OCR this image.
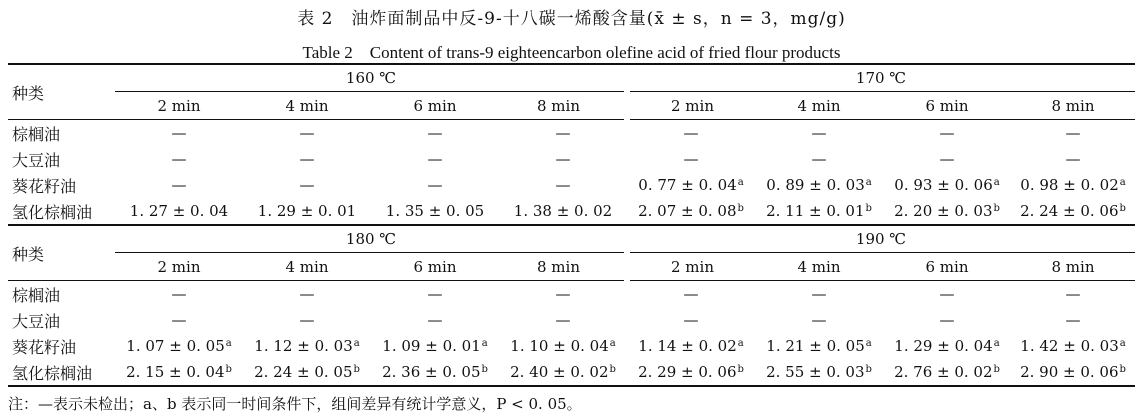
表 2　油炸面制品中反-9-十八碳一烯酸含量(x̄ ± s，n = 3，mg/g)
Table 2　Content of trans-9 eighteencarbon olefine acid of fried flour products
种类	160 ℃				170 ℃			
	2 min	4 min	6 min	8 min	2 min	4 min	6 min	8 min
棕榈油	—	—	—	—	—	—	—	—
大豆油	—	—	—	—	—	—	—	—
葵花籽油	—	—	—	—	0. 77 ± 0. 04$^a$	0. 89 ± 0. 03$^a$	0. 93 ± 0. 06$^a$	0. 98 ± 0. 02$^a$
氢化棕榈油	1. 27 ± 0. 04	1. 29 ± 0. 01	1. 35 ± 0. 05	1. 38 ± 0. 02	2. 07 ± 0. 08$^b$	2. 11 ± 0. 01$^b$	2. 20 ± 0. 03$^b$	2. 24 ± 0. 06$^b$
种类	180 ℃				190 ℃			
	2 min	4 min	6 min	8 min	2 min	4 min	6 min	8 min
棕榈油	—	—	—	—	—	—	—	—
大豆油	—	—	—	—	—	—	—	—
葵花籽油	1. 07 ± 0. 05$^a$	1. 12 ± 0. 03$^a$	1. 09 ± 0. 01$^a$	1. 10 ± 0. 04$^a$	1. 14 ± 0. 02$^a$	1. 21 ± 0. 05$^a$	1. 29 ± 0. 04$^a$	1. 42 ± 0. 03$^a$
氢化棕榈油	2. 15 ± 0. 04$^b$	2. 24 ± 0. 05$^b$	2. 36 ± 0. 05$^b$	2. 40 ± 0. 02$^b$	2. 29 ± 0. 06$^b$	2. 55 ± 0. 03$^b$	2. 76 ± 0. 02$^b$	2. 90 ± 0. 06$^b$
注：—表示未检出；a、b 表示同一时间条件下，组间差异有统计学意义，P < 0. 05。
